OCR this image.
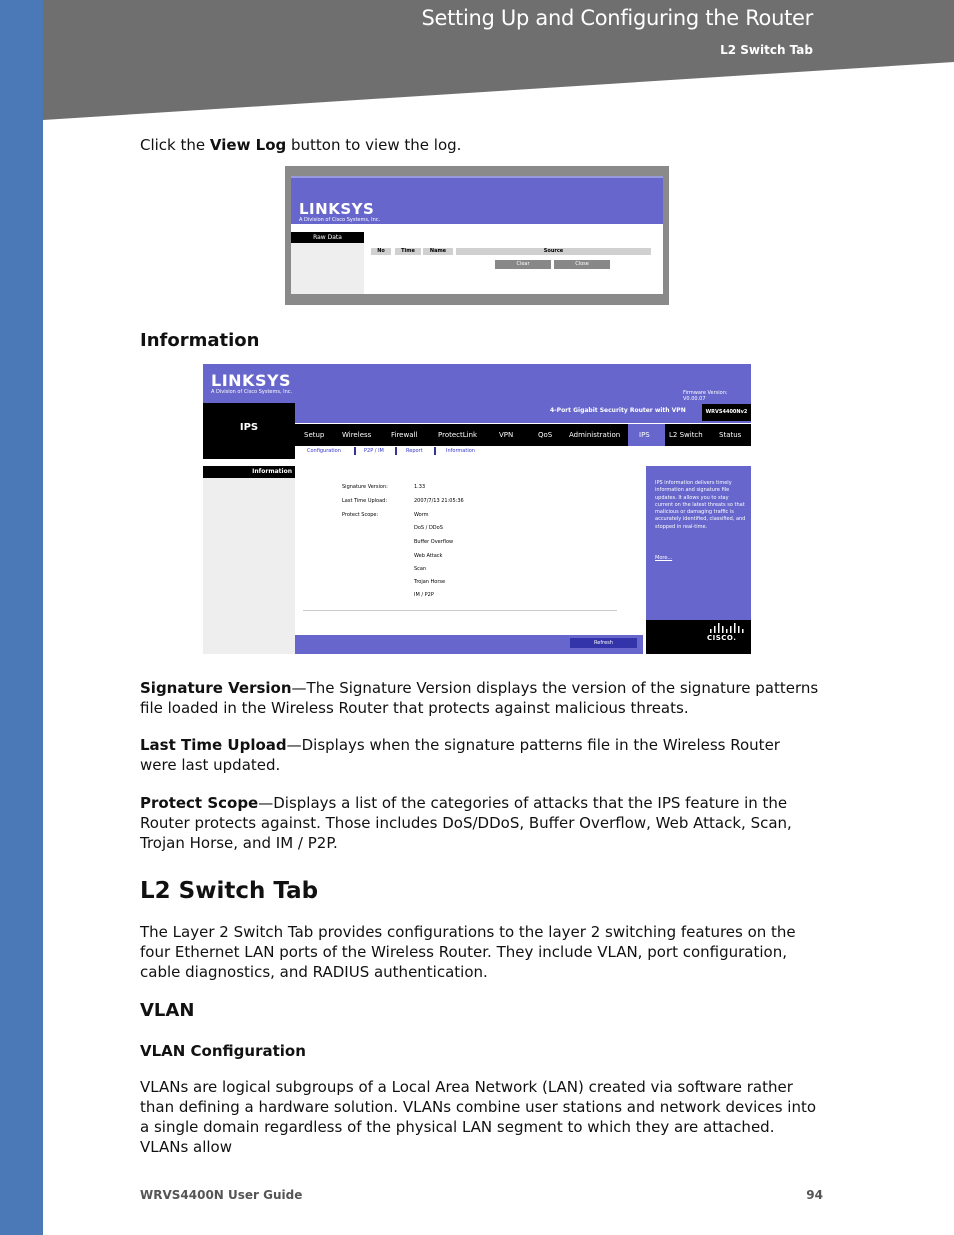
Setting Up and Configuring the Router
L2 Switch Tab
Click the View Log button to view the log.
LINKSYS
A Division of Cisco Systems, Inc.
Raw Data
No	Time	Name	Source
Clear	Close
Information
LINKSYS
A Division of Cisco Systems, Inc.	Firmware Version: V0.00.07
IPS
4-Port Gigabit Security Router with VPN	WRVS4400Nv2
Setup	Wireless	Firewall	ProtectLink	VPN	QoS Administration	IPS	L2 Switch Status
Configuration	P2P / IM	Report	Information
Information
Signature Version:	1.33
Last Time Upload:	2007/7/13 21:05:36
Protect Scope:	Worm
DoS / DDoS
Buffer Overflow
Web Attack
Scan
Trojan Horse
IM / P2P
Refresh
IPS information delivers timely information and signature file updates. It allows you to stay current on the latest threats so that malicious or damaging traffic is accurately identified, classified, and stopped in real-time.
More...
CISCO.
Signature Version—The Signature Version displays the version of the signature patterns file loaded in the Wireless Router that protects against malicious threats.
Last Time Upload—Displays when the signature patterns file in the Wireless Router were last updated.
Protect Scope—Displays a list of the categories of attacks that the IPS feature in the Router protects against. Those includes DoS/DDoS, Buffer Overflow, Web Attack, Scan, Trojan Horse, and IM / P2P.
L2 Switch Tab
The Layer 2 Switch Tab provides configurations to the layer 2 switching features on the four Ethernet LAN ports of the Wireless Router. They include VLAN, port configuration, cable diagnostics, and RADIUS authentication.
VLAN
VLAN Configuration
VLANs are logical subgroups of a Local Area Network (LAN) created via software rather than defining a hardware solution. VLANs combine user stations and network devices into a single domain regardless of the physical LAN segment to which they are attached. VLANs allow
WRVS4400N User Guide	94
